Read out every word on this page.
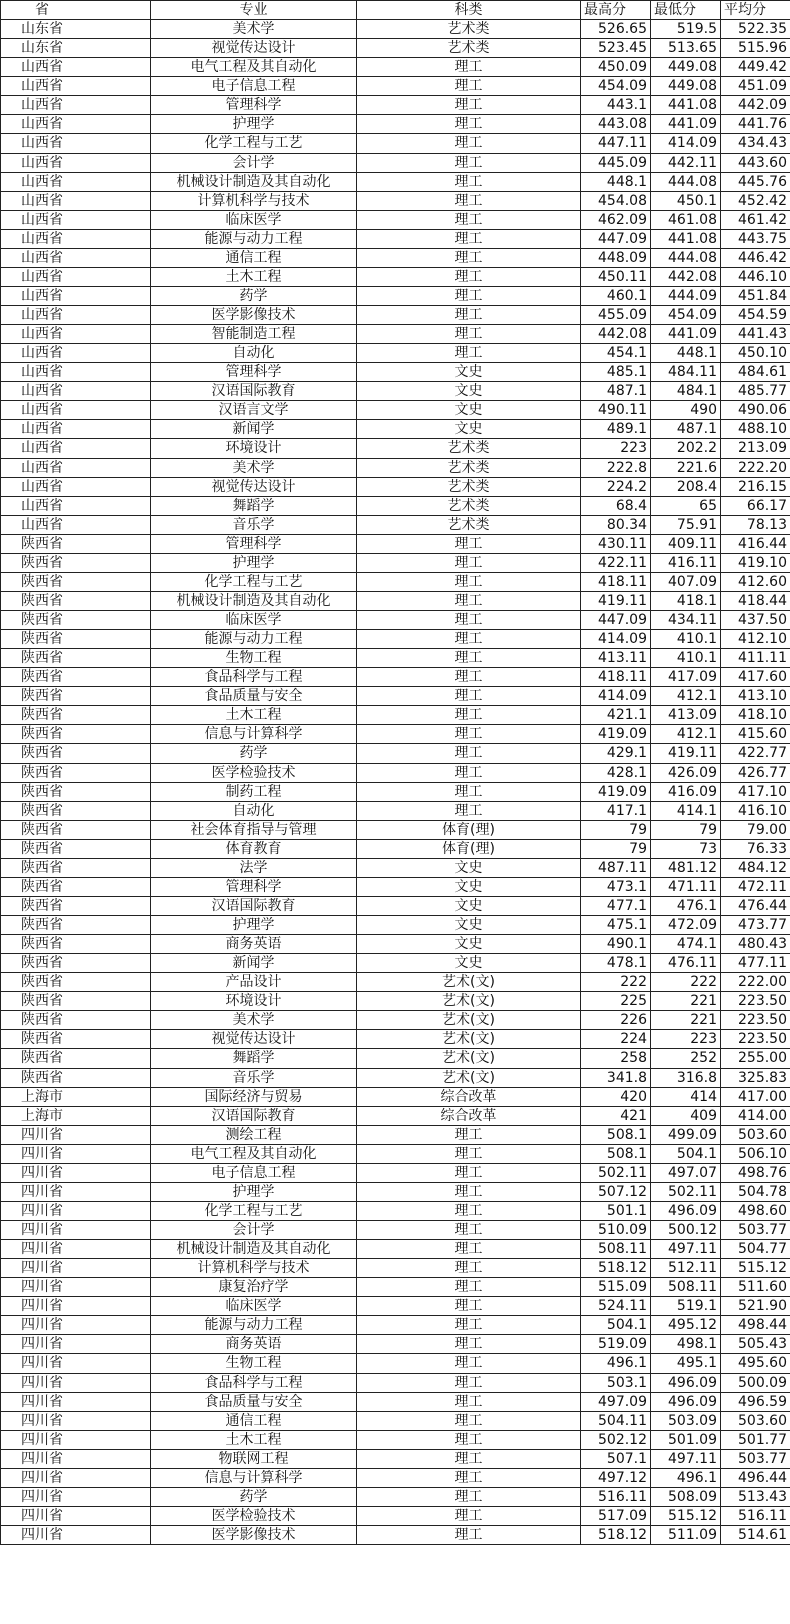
省	专业	科类	最高分	最低分	平均分
山东省	美术学	艺术类	526.65	519.5	522.35
山东省	视觉传达设计	艺术类	523.45	513.65	515.96
山西省	电气工程及其自动化	理工	450.09	449.08	449.42
山西省	电子信息工程	理工	454.09	449.08	451.09
山西省	管理科学	理工	443.1	441.08	442.09
山西省	护理学	理工	443.08	441.09	441.76
山西省	化学工程与工艺	理工	447.11	414.09	434.43
山西省	会计学	理工	445.09	442.11	443.60
山西省	机械设计制造及其自动化	理工	448.1	444.08	445.76
山西省	计算机科学与技术	理工	454.08	450.1	452.42
山西省	临床医学	理工	462.09	461.08	461.42
山西省	能源与动力工程	理工	447.09	441.08	443.75
山西省	通信工程	理工	448.09	444.08	446.42
山西省	土木工程	理工	450.11	442.08	446.10
山西省	药学	理工	460.1	444.09	451.84
山西省	医学影像技术	理工	455.09	454.09	454.59
山西省	智能制造工程	理工	442.08	441.09	441.43
山西省	自动化	理工	454.1	448.1	450.10
山西省	管理科学	文史	485.1	484.11	484.61
山西省	汉语国际教育	文史	487.1	484.1	485.77
山西省	汉语言文学	文史	490.11	490	490.06
山西省	新闻学	文史	489.1	487.1	488.10
山西省	环境设计	艺术类	223	202.2	213.09
山西省	美术学	艺术类	222.8	221.6	222.20
山西省	视觉传达设计	艺术类	224.2	208.4	216.15
山西省	舞蹈学	艺术类	68.4	65	66.17
山西省	音乐学	艺术类	80.34	75.91	78.13
陕西省	管理科学	理工	430.11	409.11	416.44
陕西省	护理学	理工	422.11	416.11	419.10
陕西省	化学工程与工艺	理工	418.11	407.09	412.60
陕西省	机械设计制造及其自动化	理工	419.11	418.1	418.44
陕西省	临床医学	理工	447.09	434.11	437.50
陕西省	能源与动力工程	理工	414.09	410.1	412.10
陕西省	生物工程	理工	413.11	410.1	411.11
陕西省	食品科学与工程	理工	418.11	417.09	417.60
陕西省	食品质量与安全	理工	414.09	412.1	413.10
陕西省	土木工程	理工	421.1	413.09	418.10
陕西省	信息与计算科学	理工	419.09	412.1	415.60
陕西省	药学	理工	429.1	419.11	422.77
陕西省	医学检验技术	理工	428.1	426.09	426.77
陕西省	制药工程	理工	419.09	416.09	417.10
陕西省	自动化	理工	417.1	414.1	416.10
陕西省	社会体育指导与管理	体育(理)	79	79	79.00
陕西省	体育教育	体育(理)	79	73	76.33
陕西省	法学	文史	487.11	481.12	484.12
陕西省	管理科学	文史	473.1	471.11	472.11
陕西省	汉语国际教育	文史	477.1	476.1	476.44
陕西省	护理学	文史	475.1	472.09	473.77
陕西省	商务英语	文史	490.1	474.1	480.43
陕西省	新闻学	文史	478.1	476.11	477.11
陕西省	产品设计	艺术(文)	222	222	222.00
陕西省	环境设计	艺术(文)	225	221	223.50
陕西省	美术学	艺术(文)	226	221	223.50
陕西省	视觉传达设计	艺术(文)	224	223	223.50
陕西省	舞蹈学	艺术(文)	258	252	255.00
陕西省	音乐学	艺术(文)	341.8	316.8	325.83
上海市	国际经济与贸易	综合改革	420	414	417.00
上海市	汉语国际教育	综合改革	421	409	414.00
四川省	测绘工程	理工	508.1	499.09	503.60
四川省	电气工程及其自动化	理工	508.1	504.1	506.10
四川省	电子信息工程	理工	502.11	497.07	498.76
四川省	护理学	理工	507.12	502.11	504.78
四川省	化学工程与工艺	理工	501.1	496.09	498.60
四川省	会计学	理工	510.09	500.12	503.77
四川省	机械设计制造及其自动化	理工	508.11	497.11	504.77
四川省	计算机科学与技术	理工	518.12	512.11	515.12
四川省	康复治疗学	理工	515.09	508.11	511.60
四川省	临床医学	理工	524.11	519.1	521.90
四川省	能源与动力工程	理工	504.1	495.12	498.44
四川省	商务英语	理工	519.09	498.1	505.43
四川省	生物工程	理工	496.1	495.1	495.60
四川省	食品科学与工程	理工	503.1	496.09	500.09
四川省	食品质量与安全	理工	497.09	496.09	496.59
四川省	通信工程	理工	504.11	503.09	503.60
四川省	土木工程	理工	502.12	501.09	501.77
四川省	物联网工程	理工	507.1	497.11	503.77
四川省	信息与计算科学	理工	497.12	496.1	496.44
四川省	药学	理工	516.11	508.09	513.43
四川省	医学检验技术	理工	517.09	515.12	516.11
四川省	医学影像技术	理工	518.12	511.09	514.61
